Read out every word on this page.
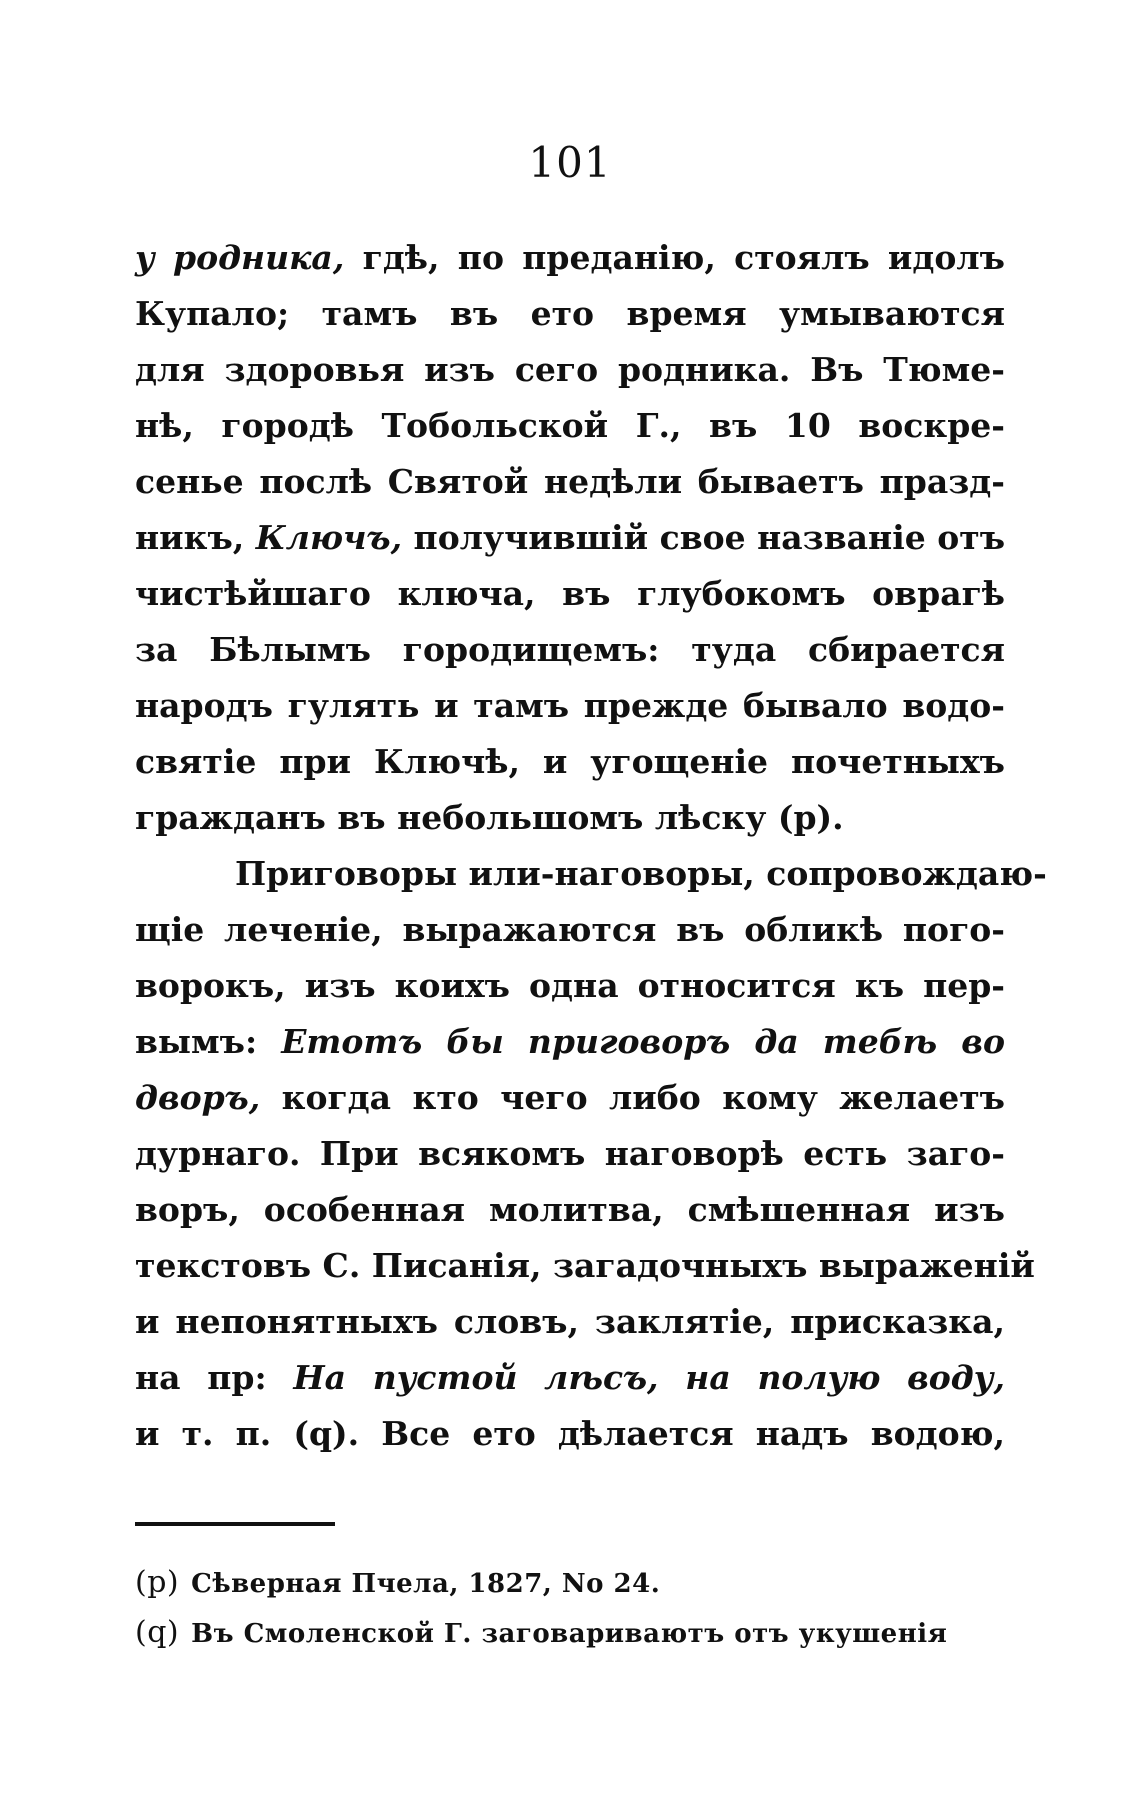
101
у родника, гдѣ, по преданію, стоялъ идолъ
Купало; тамъ въ ето время умываются
для здоровья изъ сего родника. Въ Тюме-
нѣ, городѣ Тобольской Г., въ 10 воскре-
сенье послѣ Святой недѣли бываетъ празд-
никъ, Ключъ, получившій свое названіе отъ
чистѣйшаго ключа, въ глубокомъ оврагѣ
за Бѣлымъ городищемъ: туда сбирается
народъ гулять и тамъ прежде бывало водо-
святіе при Ключѣ, и угощеніе почетныхъ
гражданъ въ небольшомъ лѣску (р).
Приговоры или-наговоры, сопровождаю-
щіе леченіе, выражаются въ обликѣ пого-
ворокъ, изъ коихъ одна относится къ пер-
вымъ: Етотъ бы приговоръ да тебѣ во
дворъ, когда кто чего либо кому желаетъ
дурнаго. При всякомъ наговорѣ есть заго-
воръ, особенная молитва, смѣшенная изъ
текстовъ С. Писанія, загадочныхъ выраженій
и непонятныхъ словъ, заклятіе, присказка,
на пр: На пустой лѣсъ, на полую воду,
и т. п. (q). Все ето дѣлается надъ водою,
(р) Сѣверная Пчела, 1827, No 24.
(q) Въ Смоленской Г. заговариваютъ отъ укушенія
